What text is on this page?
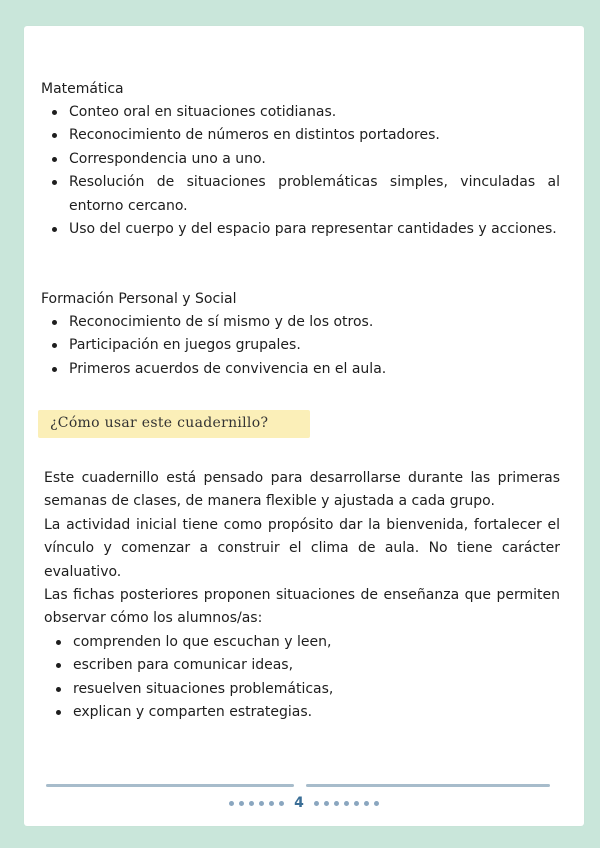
Matemática
Conteo oral en situaciones cotidianas.
Reconocimiento de números en distintos portadores.
Correspondencia uno a uno.
Resolución de situaciones problemáticas simples, vinculadas al entorno cercano.
Uso del cuerpo y del espacio para representar cantidades y acciones.
Formación Personal y Social
Reconocimiento de sí mismo y de los otros.
Participación en juegos grupales.
Primeros acuerdos de convivencia en el aula.
¿Cómo usar este cuadernillo?

Este cuadernillo está pensado para desarrollarse durante las primeras semanas de clases, de manera flexible y ajustada a cada grupo.

La actividad inicial tiene como propósito dar la bienvenida, fortalecer el vínculo y comenzar a construir el clima de aula. No tiene carácter evaluativo.

Las fichas posteriores proponen situaciones de enseñanza que permiten observar cómo los alumnos/as:

comprenden lo que escuchan y leen,
escriben para comunicar ideas,
resuelven situaciones problemáticas,
explican y comparten estrategias.
4
